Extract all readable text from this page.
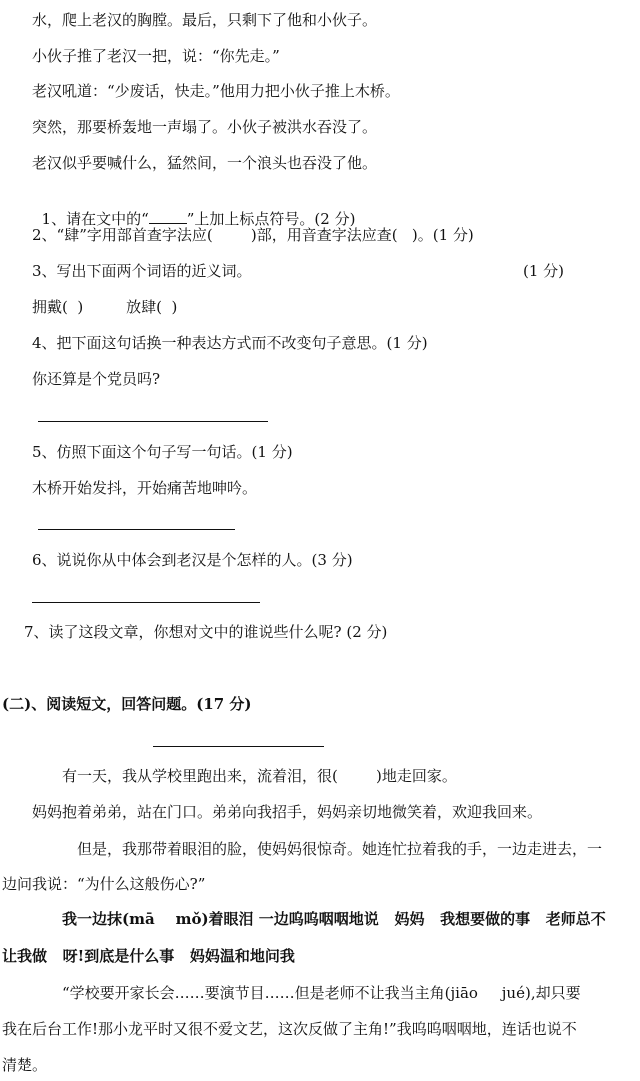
水，爬上老汉的胸膛。最后，只剩下了他和小伙子。
小伙子推了老汉一把，说：“你先走。”
老汉吼道：“少废话，快走。”他用力把小伙子推上木桥。
突然，那要桥轰地一声塌了。小伙子被洪水吞没了。
老汉似乎要喊什么，猛然间，一个浪头也吞没了他。

1、请在文中的“	”上加上标点符号。(2 分)

2、“肆”字用部首查字法应(        )部，用音查字法应查(   )。(1 分)
3、写出下面两个词语的近义词。	(1 分)
拥戴(  )         放肆(  )
4、把下面这句话换一种表达方式而不改变句子意思。(1 分)
你还算是个党员吗?
5、仿照下面这个句子写一句话。(1 分)
木桥开始发抖，开始痛苦地呻吟。
6、说说你从中体会到老汉是个怎样的人。(3 分)
7、读了这段文章，你想对文中的谁说些什么呢? (2 分)
(二)、阅读短文，回答问题。(17 分)
有一天，我从学校里跑出来，流着泪，很(        )地走回家。
妈妈抱着弟弟，站在门口。弟弟向我招手，妈妈亲切地微笑着，欢迎我回来。
但是，我那带着眼泪的脸，使妈妈很惊奇。她连忙拉着我的手，一边走进去，一
边问我说：“为什么这般伤心?”
我一边抹(mā    mǒ)着眼泪 一边呜呜咽咽地说   妈妈   我想要做的事   老师总不
让我做   呀!到底是什么事   妈妈温和地问我
“学校要开家长会……要演节目……但是老师不让我当主角(jiāo     jué),却只要
我在后台工作!那小龙平时又很不爱文艺，这次反做了主角!”我呜呜咽咽地，连话也说不
清楚。
